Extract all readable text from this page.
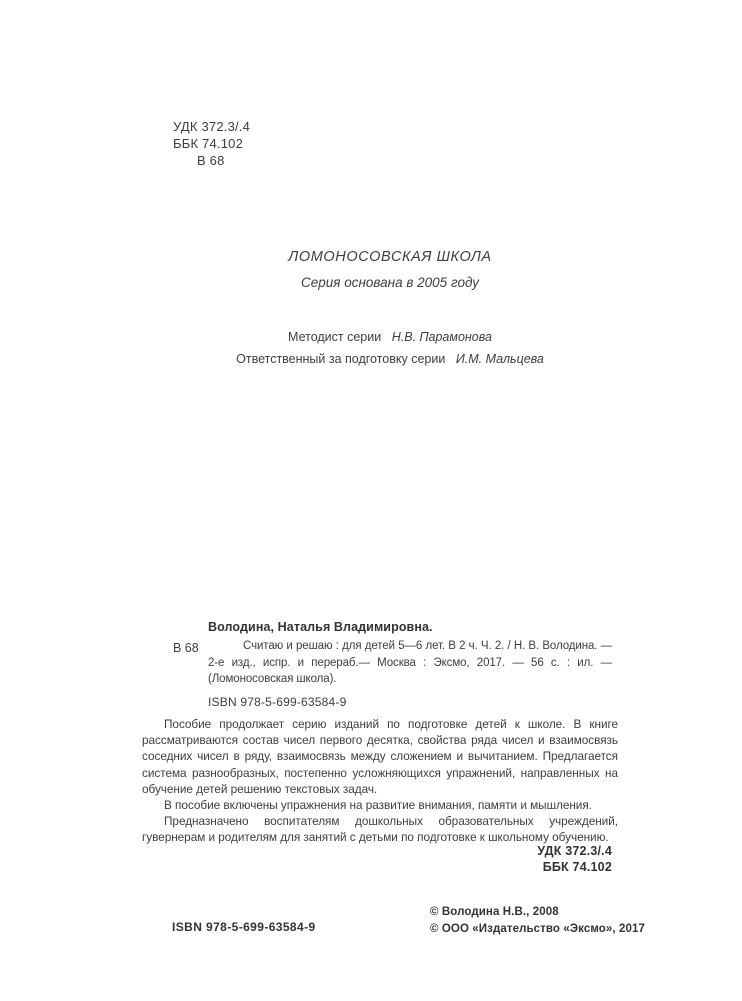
УДК 372.3/.4
ББК 74.102
В 68
ЛОМОНОСОВСКАЯ ШКОЛА
Серия основана в 2005 году
Методист серии Н.В. Парамонова
Ответственный за подготовку серии И.М. Мальцева
Володина, Наталья Владимировна.
В 68	Считаю и решаю : для детей 5—6 лет. В 2 ч. Ч. 2. / Н. В. Володина. — 2-е изд., испр. и перераб.— Москва : Эксмо, 2017. — 56 с. : ил. — (Ломоносовская школа).

ISBN 978-5-699-63584-9

Пособие продолжает серию изданий по подготовке детей к школе. В книге рассматриваются состав чисел первого десятка, свойства ряда чисел и взаимосвязь соседних чисел в ряду, взаимосвязь между сложением и вычитанием. Предлагается система разнообразных, постепенно усложняющихся упражнений, направленных на обучение детей решению текстовых задач.

В пособие включены упражнения на развитие внимания, памяти и мышления.

Предназначено воспитателям дошкольных образовательных учреждений, гувернерам и родителям для занятий с детьми по подготовке к школьному обучению.

УДК 372.3/.4
ББК 74.102
ISBN 978-5-699-63584-9
© Володина Н.В., 2008
© ООО «Издательство «Эксмо», 2017
